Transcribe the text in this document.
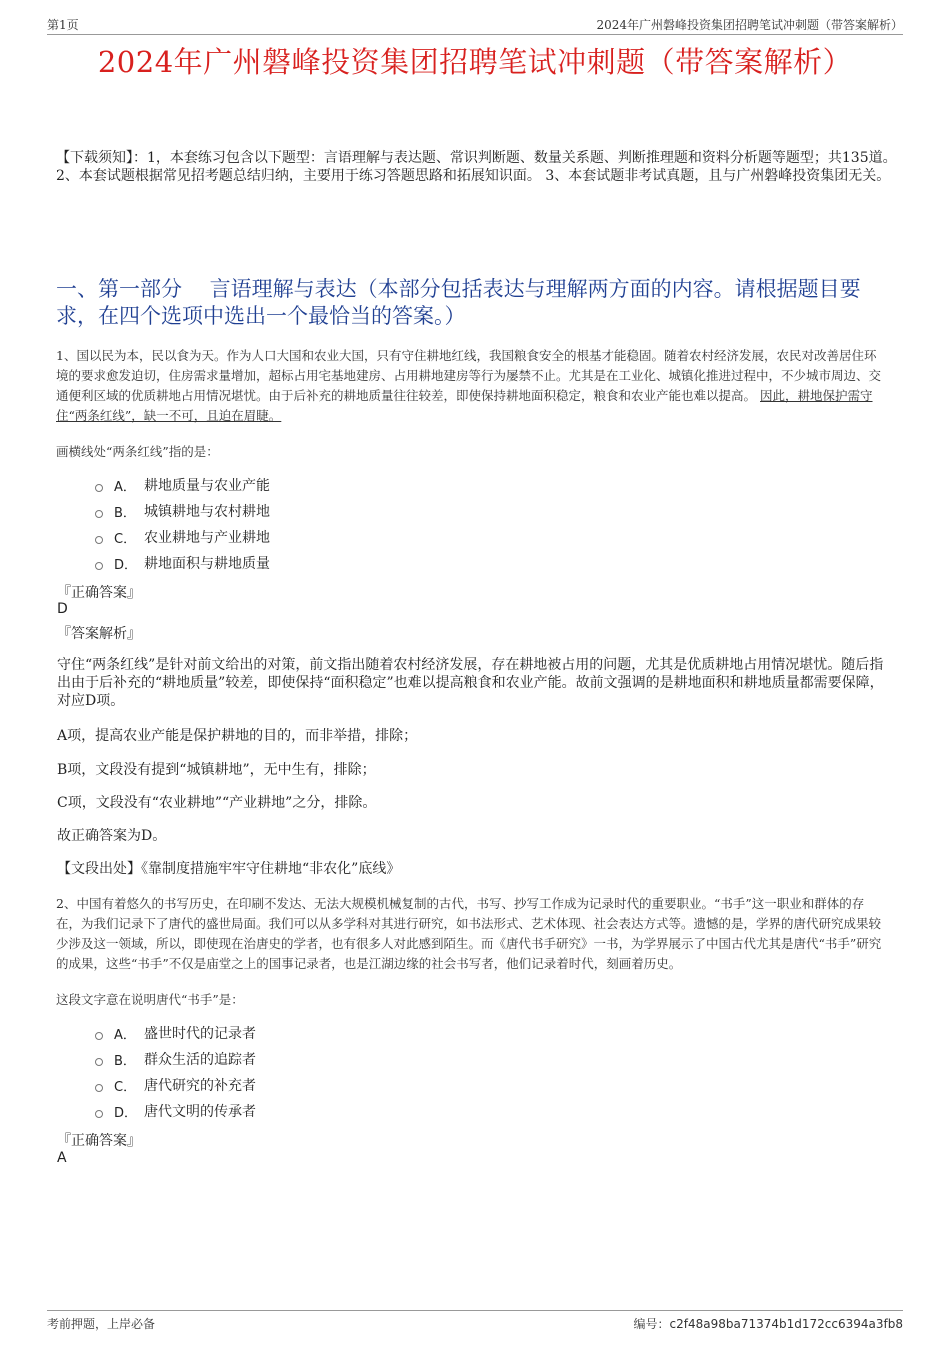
第1页	2024年广州磐峰投资集团招聘笔试冲刺题（带答案解析）
2024年广州磐峰投资集团招聘笔试冲刺题（带答案解析）
【下载须知】：1，本套练习包含以下题型：言语理解与表达题、常识判断题、数量关系题、判断推理题和资料分析题等题型；共135道。 2、本套试题根据常见招考题总结归纳，主要用于练习答题思路和拓展知识面。 3、本套试题非考试真题，且与广州磐峰投资集团无关。
一、第一部分　 言语理解与表达（本部分包括表达与理解两方面的内容。请根据题目要求，在四个选项中选出一个最恰当的答案。）
1、国以民为本，民以食为天。作为人口大国和农业大国，只有守住耕地红线，我国粮食安全的根基才能稳固。随着农村经济发展，农民对改善居住环境的要求愈发迫切，住房需求量增加，超标占用宅基地建房、占用耕地建房等行为屡禁不止。尤其是在工业化、城镇化推进过程中，不少城市周边、交通便利区域的优质耕地占用情况堪忧。由于后补充的耕地质量往往较差，即使保持耕地面积稳定，粮食和农业产能也难以提高。 因此，耕地保护需守住“两条红线”，缺一不可，且迫在眉睫。
画横线处“两条红线”指的是：
A． 耕地质量与农业产能
B． 城镇耕地与农村耕地
C． 农业耕地与产业耕地
D． 耕地面积与耕地质量
『正确答案』
D
『答案解析』
守住“两条红线”是针对前文给出的对策，前文指出随着农村经济发展，存在耕地被占用的问题，尤其是优质耕地占用情况堪忧。随后指出由于后补充的“耕地质量”较差，即使保持“面积稳定”也难以提高粮食和农业产能。故前文强调的是耕地面积和耕地质量都需要保障，对应D项。
A项，提高农业产能是保护耕地的目的，而非举措，排除；
B项，文段没有提到“城镇耕地”，无中生有，排除；
C项，文段没有“农业耕地”“产业耕地”之分，排除。
故正确答案为D。
【文段出处】《靠制度措施牢牢守住耕地“非农化”底线》
2、中国有着悠久的书写历史，在印刷不发达、无法大规模机械复制的古代，书写、抄写工作成为记录时代的重要职业。“书手”这一职业和群体的存在，为我们记录下了唐代的盛世局面。我们可以从多学科对其进行研究，如书法形式、艺术体现、社会表达方式等。遗憾的是，学界的唐代研究成果较少涉及这一领域，所以，即使现在治唐史的学者，也有很多人对此感到陌生。而《唐代书手研究》一书，为学界展示了中国古代尤其是唐代“书手”研究的成果，这些“书手”不仅是庙堂之上的国事记录者，也是江湖边缘的社会书写者，他们记录着时代，刻画着历史。
这段文字意在说明唐代“书手”是：
A． 盛世时代的记录者
B． 群众生活的追踪者
C． 唐代研究的补充者
D． 唐代文明的传承者
『正确答案』
A
考前押题，上岸必备	编号：c2f48a98ba71374b1d172cc6394a3fb8
